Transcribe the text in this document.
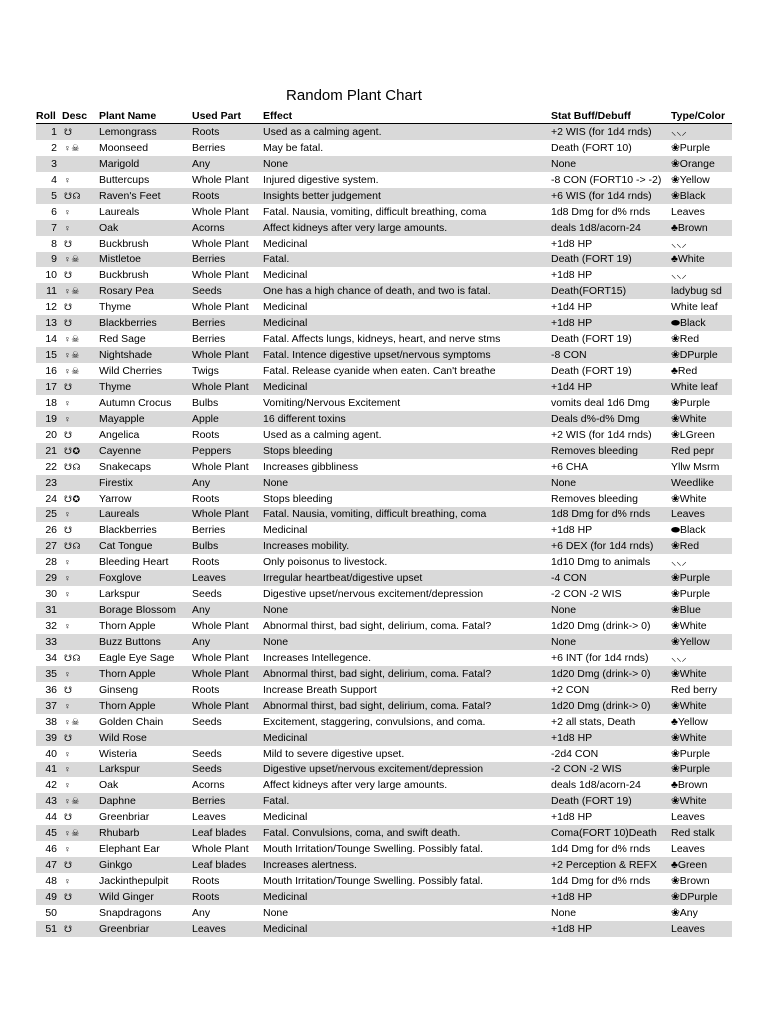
Random Plant Chart
Roll	Desc	Plant Name	Used Part	Effect	Stat Buff/Debuff	Type/Color
1	☋	Lemongrass	Roots	Used as a calming agent.	+2 WIS (for 1d4 rnds)	⸜⸜⸝
2	♀☠	Moonseed	Berries	May be fatal.	Death (FORT 10)	❀Purple
3		Marigold	Any	None	None	❀Orange
4	♀	Buttercups	Whole Plant	Injured digestive system.	-8 CON (FORT10 -> -2)	❀Yellow
5	☋☊	Raven's Feet	Roots	Insights better judgement	+6 WIS (for 1d4 rnds)	❀Black
6	♀	Laureals	Whole Plant	Fatal. Nausia, vomiting, difficult breathing, coma	1d8 Dmg for d% rnds	Leaves
7	♀	Oak	Acorns	Affect kidneys after very large amounts.	deals 1d8/acorn-24	♣Brown
8	☋	Buckbrush	Whole Plant	Medicinal	+1d8 HP	⸜⸜⸝
9	♀☠	Mistletoe	Berries	Fatal.	Death (FORT 19)	♣White
10	☋	Buckbrush	Whole Plant	Medicinal	+1d8 HP	⸜⸜⸝
11	♀☠	Rosary Pea	Seeds	One has a high chance of death, and two is fatal.	Death(FORT15)	ladybug sd
12	☋	Thyme	Whole Plant	Medicinal	+1d4 HP	White leaf
13	☋	Blackberries	Berries	Medicinal	+1d8 HP	⬬Black
14	♀☠	Red Sage	Berries	Fatal. Affects lungs, kidneys, heart, and nerve stms	Death (FORT 19)	❀Red
15	♀☠	Nightshade	Whole Plant	Fatal. Intence digestive upset/nervous symptoms	-8 CON	❀DPurple
16	♀☠	Wild Cherries	Twigs	Fatal. Release cyanide when eaten. Can't breathe	Death (FORT 19)	♣Red
17	☋	Thyme	Whole Plant	Medicinal	+1d4 HP	White leaf
18	♀	Autumn Crocus	Bulbs	Vomiting/Nervous Excitement	vomits deal 1d6 Dmg	❀Purple
19	♀	Mayapple	Apple	16 different toxins	Deals d%-d% Dmg	❀White
20	☋	Angelica	Roots	Used as a calming agent.	+2 WIS (for 1d4 rnds)	❀LGreen
21	☋✪	Cayenne	Peppers	Stops bleeding	Removes bleeding	Red pepr
22	☋☊	Snakecaps	Whole Plant	Increases gibbliness	+6 CHA	Yllw Msrm
23		Firestix	Any	None	None	Weedlike
24	☋✪	Yarrow	Roots	Stops bleeding	Removes bleeding	❀White
25	♀	Laureals	Whole Plant	Fatal. Nausia, vomiting, difficult breathing, coma	1d8 Dmg for d% rnds	Leaves
26	☋	Blackberries	Berries	Medicinal	+1d8 HP	⬬Black
27	☋☊	Cat Tongue	Bulbs	Increases mobility.	+6 DEX (for 1d4 rnds)	❀Red
28	♀	Bleeding Heart	Roots	Only poisonus to livestock.	1d10 Dmg to animals	⸜⸜⸝
29	♀	Foxglove	Leaves	Irregular heartbeat/digestive upset	-4 CON	❀Purple
30	♀	Larkspur	Seeds	Digestive upset/nervous excitement/depression	-2 CON -2 WIS	❀Purple
31		Borage Blossom	Any	None	None	❀Blue
32	♀	Thorn Apple	Whole Plant	Abnormal thirst, bad sight, delirium, coma. Fatal?	1d20 Dmg (drink-> 0)	❀White
33		Buzz Buttons	Any	None	None	❀Yellow
34	☋☊	Eagle Eye Sage	Whole Plant	Increases Intellegence.	+6 INT (for 1d4 rnds)	⸜⸜⸝
35	♀	Thorn Apple	Whole Plant	Abnormal thirst, bad sight, delirium, coma. Fatal?	1d20 Dmg (drink-> 0)	❀White
36	☋	Ginseng	Roots	Increase Breath Support	+2 CON	Red berry
37	♀	Thorn Apple	Whole Plant	Abnormal thirst, bad sight, delirium, coma. Fatal?	1d20 Dmg (drink-> 0)	❀White
38	♀☠	Golden Chain	Seeds	Excitement, staggering, convulsions, and coma.	+2 all stats, Death	♣Yellow
39	☋	Wild Rose		Medicinal	+1d8 HP	❀White
40	♀	Wisteria	Seeds	Mild to severe digestive upset.	-2d4 CON	❀Purple
41	♀	Larkspur	Seeds	Digestive upset/nervous excitement/depression	-2 CON -2 WIS	❀Purple
42	♀	Oak	Acorns	Affect kidneys after very large amounts.	deals 1d8/acorn-24	♣Brown
43	♀☠	Daphne	Berries	Fatal.	Death (FORT 19)	❀White
44	☋	Greenbriar	Leaves	Medicinal	+1d8 HP	Leaves
45	♀☠	Rhubarb	Leaf blades	Fatal. Convulsions, coma, and swift death.	Coma(FORT 10)Death	Red stalk
46	♀	Elephant Ear	Whole Plant	Mouth Irritation/Tounge Swelling. Possibly fatal.	1d4 Dmg for d% rnds	Leaves
47	☋	Ginkgo	Leaf blades	Increases alertness.	+2 Perception & REFX	♣Green
48	♀	Jackinthepulpit	Roots	Mouth Irritation/Tounge Swelling. Possibly fatal.	1d4 Dmg for d% rnds	❀Brown
49	☋	Wild Ginger	Roots	Medicinal	+1d8 HP	❀DPurple
50		Snapdragons	Any	None	None	❀Any
51	☋	Greenbriar	Leaves	Medicinal	+1d8 HP	Leaves
